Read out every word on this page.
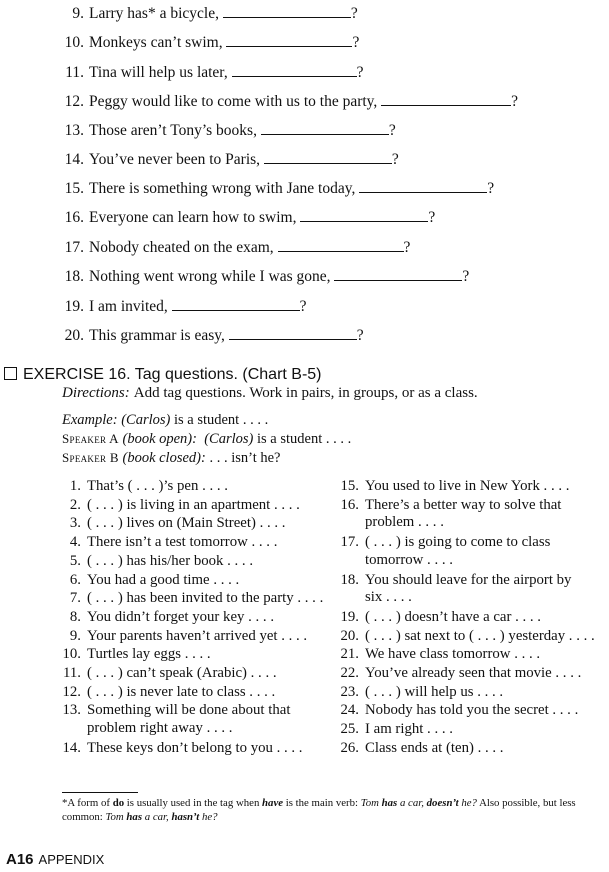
9. Larry has* a bicycle,	?
10. Monkeys can’t swim,	?
11. Tina will help us later,	?
12. Peggy would like to come with us to the party,	?
13. Those aren’t Tony’s books,	?
14. You’ve never been to Paris,	?
15. There is something wrong with Jane today,	?
16. Everyone can learn how to swim,	?
17. Nobody cheated on the exam,	?
18. Nothing went wrong while I was gone,	?
19. I am invited,	?
20. This grammar is easy,	?
EXERCISE 16. Tag questions. (Chart B-5)
Directions: Add tag questions. Work in pairs, in groups, or as a class.
Example: (Carlos) is a student . . . .
Speaker A (book open): (Carlos) is a student . . . .
Speaker B (book closed): . . . isn’t he?
1. That’s ( . . . )’s pen . . . .
2. ( . . . ) is living in an apartment . . . .
3. ( . . . ) lives on (Main Street) . . . .
4. There isn’t a test tomorrow . . . .
5. ( . . . ) has his/her book . . . .
6. You had a good time . . . .
7. ( . . . ) has been invited to the party . . . .
8. You didn’t forget your key . . . .
9. Your parents haven’t arrived yet . . . .
10. Turtles lay eggs . . . .
11. ( . . . ) can’t speak (Arabic) . . . .
12. ( . . . ) is never late to class . . . .
13. Something will be done about that
problem right away . . . .
14. These keys don’t belong to you . . . .
15. You used to live in New York . . . .
16. There’s a better way to solve that
problem . . . .
17. ( . . . ) is going to come to class
tomorrow . . . .
18. You should leave for the airport by
six . . . .
19. ( . . . ) doesn’t have a car . . . .
20. ( . . . ) sat next to ( . . . ) yesterday . . . .
21. We have class tomorrow . . . .
22. You’ve already seen that movie . . . .
23. ( . . . ) will help us . . . .
24. Nobody has told you the secret . . . .
25. I am right . . . .
26. Class ends at (ten) . . . .
*A form of do is usually used in the tag when have is the main verb: Tom has a car, doesn’t he? Also possible, but less common: Tom has a car, hasn’t he?
A16 APPENDIX
